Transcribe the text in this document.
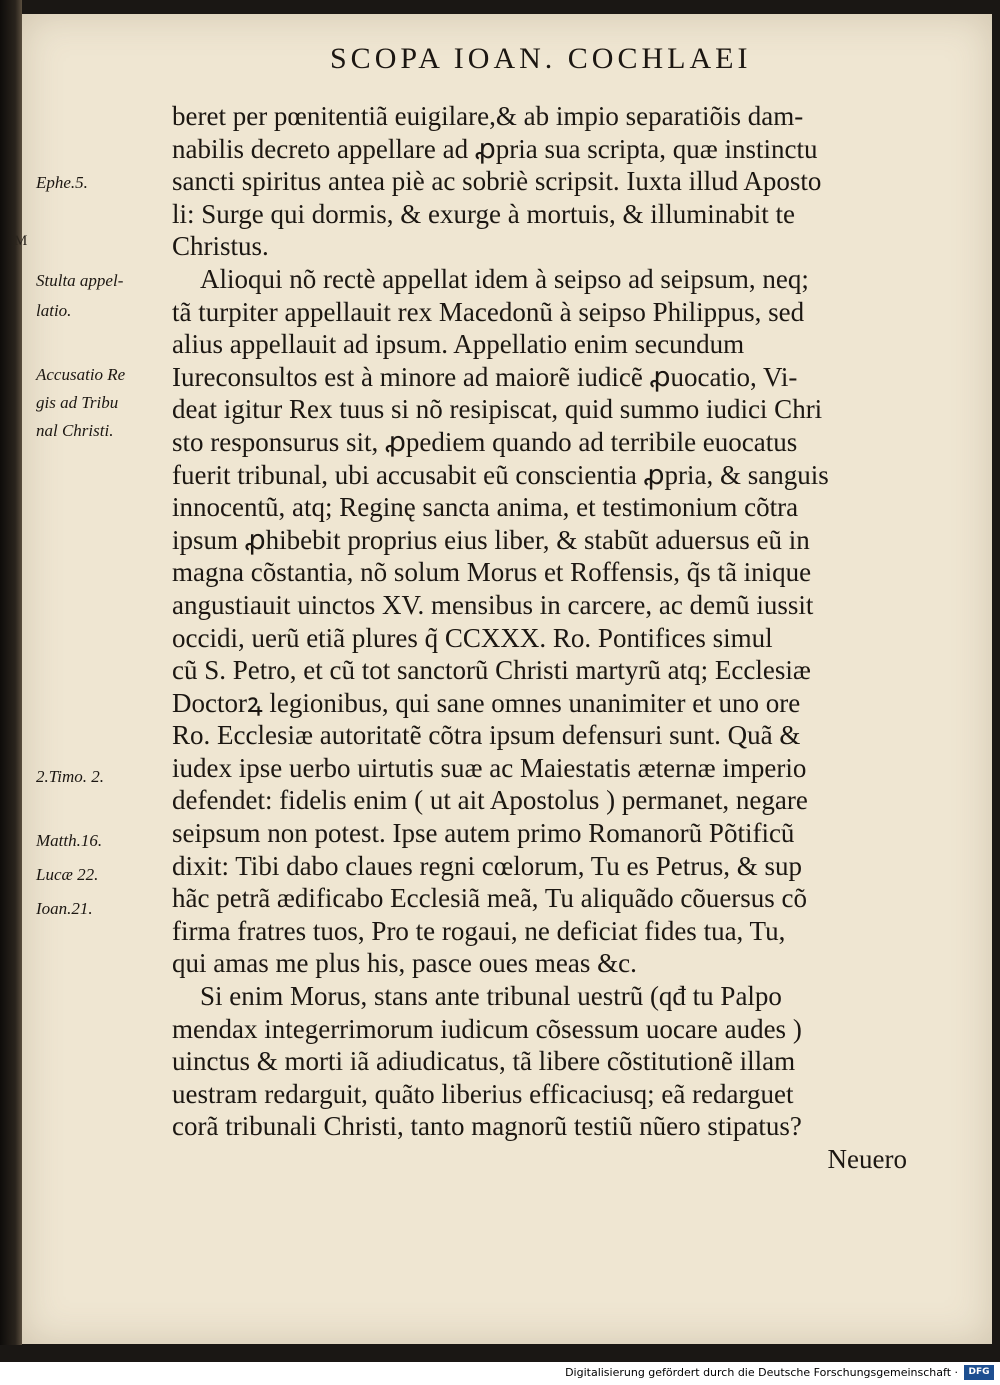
SCOPA IOAN. COCHLAEI
beret per pœnitentiã euigilare,& ab impio separatiõis dam-
nabilis decreto appellare ad ꝓpria sua scripta, quæ instinctu
sancti spiritus antea piè ac sobriè scripsit. Iuxta illud Aposto
li: Surge qui dormis, & exurge à mortuis, & illuminabit te
Christus.
Alioqui nõ rectè appellat idem à seipso ad seipsum, neq;
tã turpiter appellauit rex Macedonũ à seipso Philippus, sed
alius appellauit ad ipsum. Appellatio enim secundum
Iureconsultos est à minore ad maiorẽ iudicẽ ꝓuocatio, Vi-
deat igitur Rex tuus si nõ resipiscat, quid summo iudici Chri
sto responsurus sit, ꝓpediem quando ad terribile euocatus
fuerit tribunal, ubi accusabit eũ conscientia ꝓpria, & sanguis
innocentũ, atq; Reginę sancta anima, et testimonium cõtra
ipsum ꝓhibebit proprius eius liber, & stabũt aduersus eũ in
magna cõstantia, nõ solum Morus et Roffensis, q̃s tã inique
angustiauit uinctos XV. mensibus in carcere, ac demũ iussit
occidi, uerũ etiã plures q̃ CCXXX. Ro. Pontifices simul
cũ S. Petro, et cũ tot sanctorũ Christi martyrũ atq; Ecclesiæ
Doctorꝝ legionibus, qui sane omnes unanimiter et uno ore
Ro. Ecclesiæ autoritatẽ cõtra ipsum defensuri sunt. Quã &
iudex ipse uerbo uirtutis suæ ac Maiestatis æternæ imperio
defendet: fidelis enim ( ut ait Apostolus ) permanet, negare
seipsum non potest. Ipse autem primo Romanorũ Põtificũ
dixit: Tibi dabo claues regni cœlorum, Tu es Petrus, & sup
hãc petrã ædificabo Ecclesiã meã, Tu aliquãdo cõuersus cõ
firma fratres tuos, Pro te rogaui, ne deficiat fides tua, Tu,
qui amas me plus his, pasce oues meas &c.
Si enim Morus, stans ante tribunal uestrũ (qđ tu Palpo
mendax integerrimorum iudicum cõsessum uocare audes )
uinctus & morti iã adiudicatus, tã libere cõstitutionẽ illam
uestram redarguit, quãto liberius efficaciusq; eã redarguet
corã tribunali Christi, tanto magnorũ testiũ nũero stipatus?
Neuero
Ephe.5.
Stulta appel-
latio.
Accusatio Re
gis ad Tribu
nal Christi.
2.Timo. 2.
Matth.16.
Lucæ 22.
Ioan.21.
M
Digitalisierung gefördert durch die Deutsche Forschungsgemeinschaft ·	DFG
